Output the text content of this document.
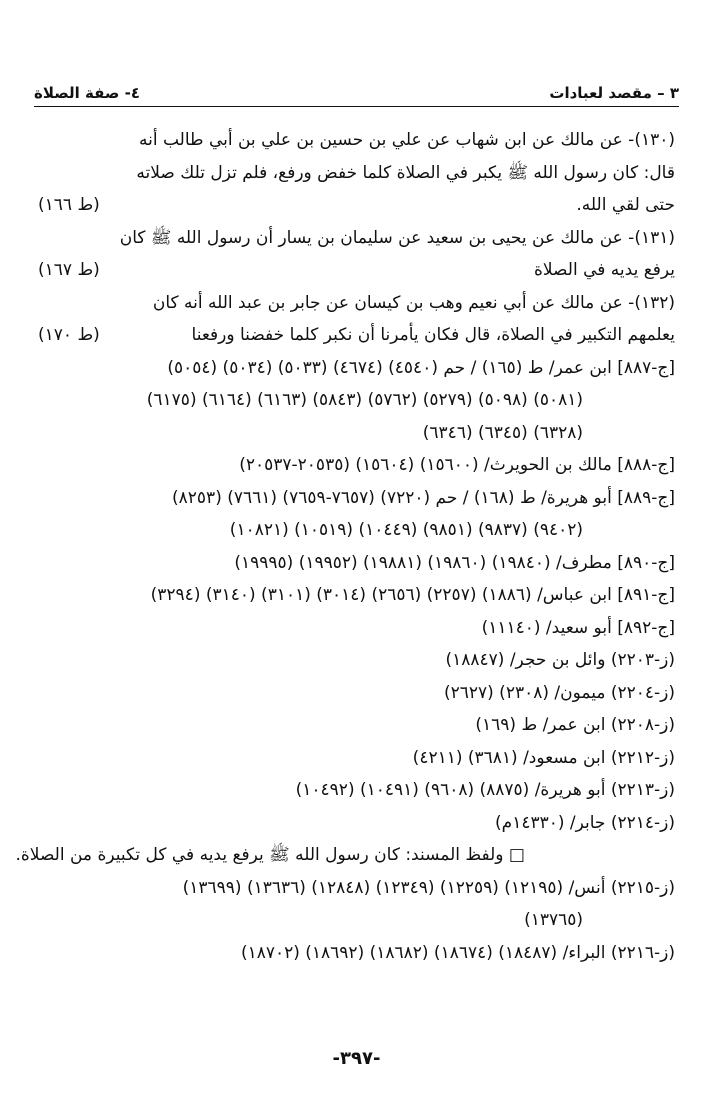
٣ – مقصد لعبادات
٤- صفة الصلاة
(١٣٠)- عن مالك عن ابن شهاب عن علي بن حسين بن علي بن أبي طالب أنه
قال: كان رسول الله ﷺ يكبر في الصلاة كلما خفض ورفع، فلم تزل تلك صلاته
حتى لقي الله.
(ط ١٦٦)
(١٣١)- عن مالك عن يحيى بن سعيد عن سليمان بن يسار أن رسول الله ﷺ كان
يرفع يديه في الصلاة
(ط ١٦٧)
(١٣٢)- عن مالك عن أبي نعيم وهب بن كيسان عن جابر بن عبد الله أنه كان
يعلمهم التكبير في الصلاة، قال فكان يأمرنا أن نكبر كلما خفضنا ورفعنا
(ط ١٧٠)
[ج-٨٨٧] ابن عمر/ ط (١٦٥) / حم (٤٥٤٠) (٤٦٧٤) (٥٠٣٣) (٥٠٣٤) (٥٠٥٤)
(٥٠٨١) (٥٠٩٨) (٥٢٧٩) (٥٧٦٢) (٥٨٤٣) (٦١٦٣) (٦١٦٤) (٦١٧٥)
(٦٣٢٨) (٦٣٤٥) (٦٣٤٦)
[ج-٨٨٨] مالك بن الحويرث/ (١٥٦٠٠) (١٥٦٠٤) (٢٠٥٣٥-٢٠٥٣٧)
[ج-٨٨٩] أبو هريرة/ ط (١٦٨) / حم (٧٢٢٠) (٧٦٥٧-٧٦٥٩) (٧٦٦١) (٨٢٥٣)
(٩٤٠٢) (٩٨٣٧) (٩٨٥١) (١٠٤٤٩) (١٠٥١٩) (١٠٨٢١)
[ج-٨٩٠] مطرف/ (١٩٨٤٠) (١٩٨٦٠) (١٩٨٨١) (١٩٩٥٢) (١٩٩٩٥)
[ج-٨٩١] ابن عباس/ (١٨٨٦) (٢٢٥٧) (٢٦٥٦) (٣٠١٤) (٣١٠١) (٣١٤٠) (٣٢٩٤)
[ج-٨٩٢] أبو سعيد/ (١١١٤٠)
(ز-٢٢٠٣) وائل بن حجر/ (١٨٨٤٧)
(ز-٢٢٠٤) ميمون/ (٢٣٠٨) (٢٦٢٧)
(ز-٢٢٠٨) ابن عمر/ ط (١٦٩)
(ز-٢٢١٢) ابن مسعود/ (٣٦٨١) (٤٢١١)
(ز-٢٢١٣) أبو هريرة/ (٨٨٧٥) (٩٦٠٨) (١٠٤٩١) (١٠٤٩٢)
(ز-٢٢١٤) جابر/ (١٤٣٣٠م)
□ ولفظ المسند: كان رسول الله ﷺ يرفع يديه في كل تكبيرة من الصلاة.
(ز-٢٢١٥) أنس/ (١٢١٩٥) (١٢٢٥٩) (١٢٣٤٩) (١٢٨٤٨) (١٣٦٣٦) (١٣٦٩٩)
(١٣٧٦٥)
(ز-٢٢١٦) البراء/ (١٨٤٨٧) (١٨٦٧٤) (١٨٦٨٢) (١٨٦٩٢) (١٨٧٠٢)
-٣٩٧-
